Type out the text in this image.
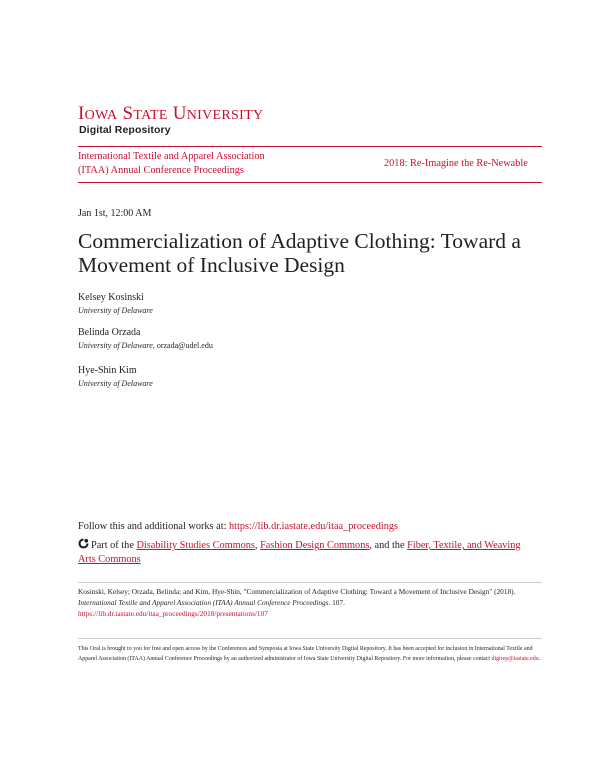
IOWA STATE UNIVERSITY
Digital Repository
International Textile and Apparel Association
(ITAA) Annual Conference Proceedings
2018: Re-Imagine the Re-Newable
Jan 1st, 12:00 AM
Commercialization of Adaptive Clothing: Toward a Movement of Inclusive Design
Kelsey Kosinski
University of Delaware
Belinda Orzada
University of Delaware, orzada@udel.edu
Hye-Shin Kim
University of Delaware
Follow this and additional works at: https://lib.dr.iastate.edu/itaa_proceedings
Part of the Disability Studies Commons, Fashion Design Commons, and the Fiber, Textile, and Weaving Arts Commons
Kosinski, Kelsey; Orzada, Belinda; and Kim, Hye-Shin, "Commercialization of Adaptive Clothing: Toward a Movement of Inclusive Design" (2018). International Textile and Apparel Association (ITAA) Annual Conference Proceedings. 107.
https://lib.dr.iastate.edu/itaa_proceedings/2018/presentations/107
This Oral is brought to you for free and open access by the Conferences and Symposia at Iowa State University Digital Repository. It has been accepted for inclusion in International Textile and Apparel Association (ITAA) Annual Conference Proceedings by an authorized administrator of Iowa State University Digital Repository. For more information, please contact digirep@iastate.edu.
